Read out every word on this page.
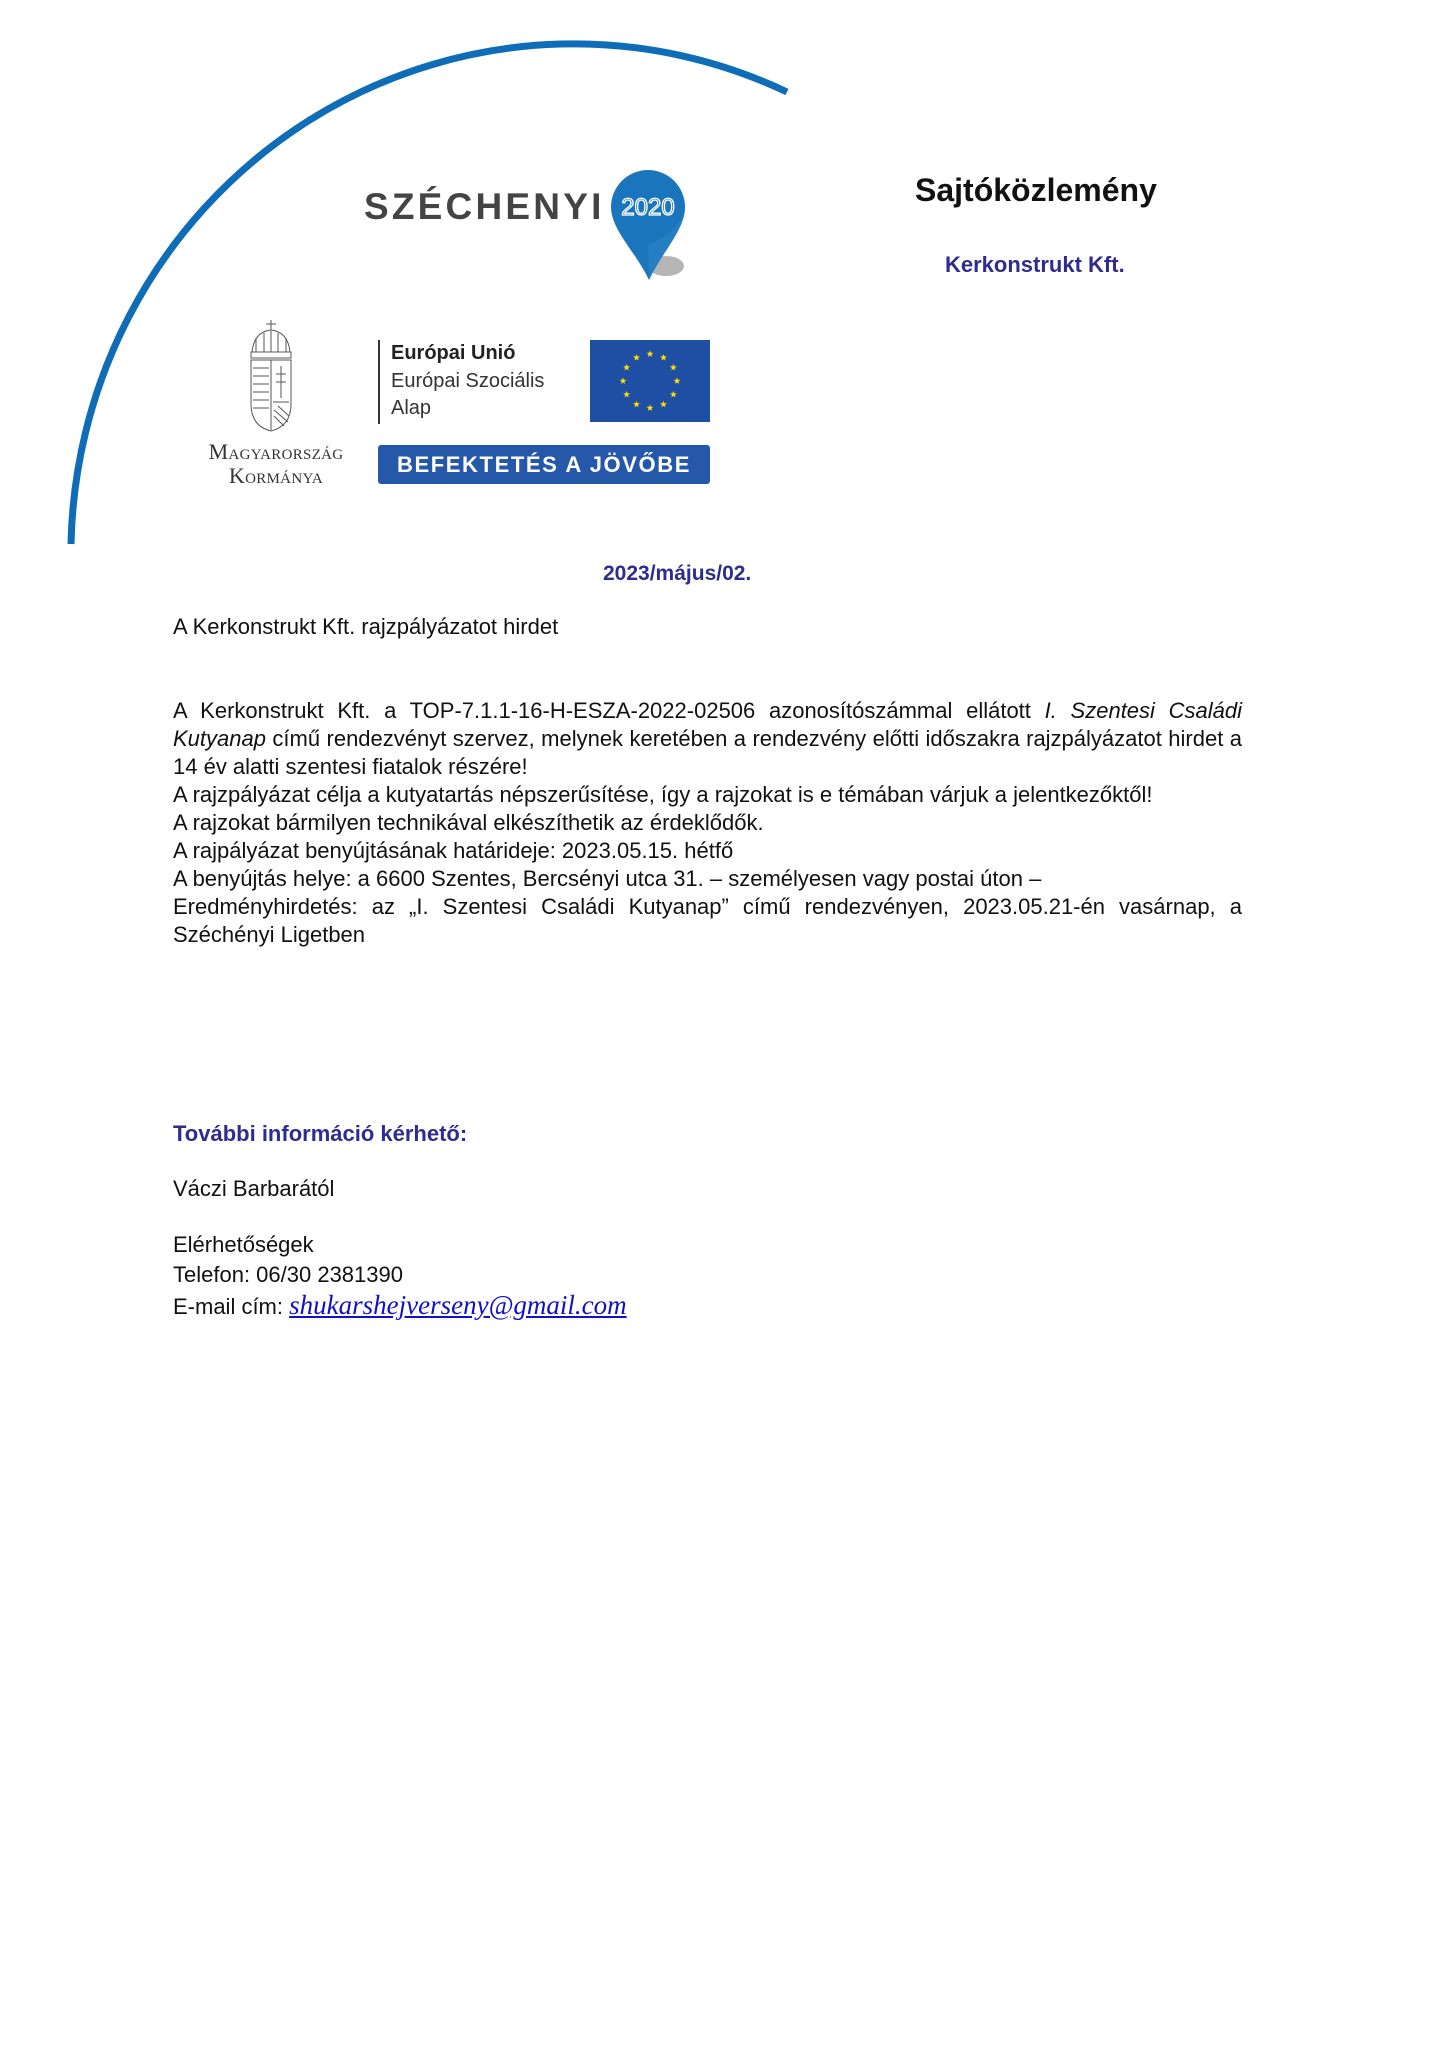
SZÉCHENYI 2020
Magyarország
Kormánya
Európai Unió
Európai Szociális
Alap
BEFEKTETÉS A JÖVŐBE
Sajtóközlemény
Kerkonstrukt Kft.
2023/május/02.
A Kerkonstrukt Kft. rajzpályázatot hirdet

A Kerkonstrukt Kft. a TOP-7.1.1-16-H-ESZA-2022-02506 azonosítószámmal ellátott I. Szentesi Családi Kutyanap című rendezvényt szervez, melynek keretében a rendezvény előtti időszakra rajzpályázatot hirdet a 14 év alatti szentesi fiatalok részére!

A rajzpályázat célja a kutyatartás népszerűsítése, így a rajzokat is e témában várjuk a jelentkezőktől!

A rajzokat bármilyen technikával elkészíthetik az érdeklődők.

A rajpályázat benyújtásának határideje: 2023.05.15. hétfő

A benyújtás helye: a 6600 Szentes, Bercsényi utca 31. – személyesen vagy postai úton –

Eredményhirdetés: az „I. Szentesi Családi Kutyanap” című rendezvényen, 2023.05.21-én vasárnap, a Széchényi Ligetben

További információ kérhető:
Váczi Barbarától
Elérhetőségek
Telefon: 06/30 2381390
E-mail cím: shukarshejverseny@gmail.com
